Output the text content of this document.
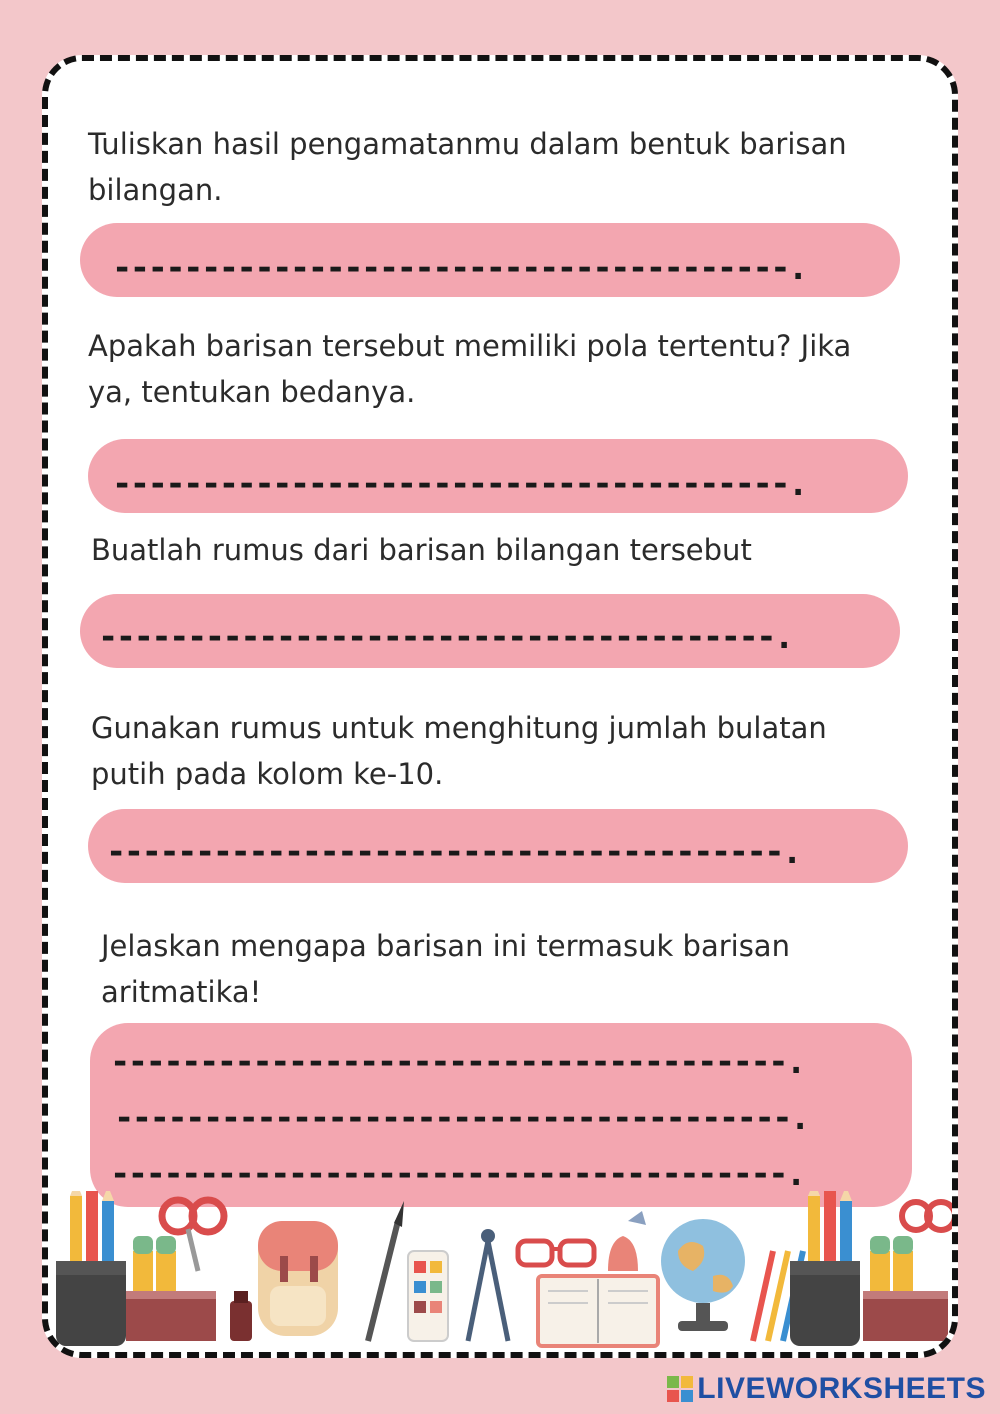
Tuliskan hasil pengamatanmu dalam bentuk barisan bilangan.

--------------------------------------.

Apakah barisan tersebut memiliki pola tertentu? Jika ya, tentukan bedanya.

--------------------------------------.

Buatlah rumus dari barisan bilangan tersebut

--------------------------------------.

Gunakan rumus untuk menghitung jumlah bulatan putih pada kolom ke-10.

--------------------------------------.

Jelaskan mengapa barisan ini termasuk barisan aritmatika!

--------------------------------------.
--------------------------------------.
--------------------------------------.
LIVEWORKSHEETS
